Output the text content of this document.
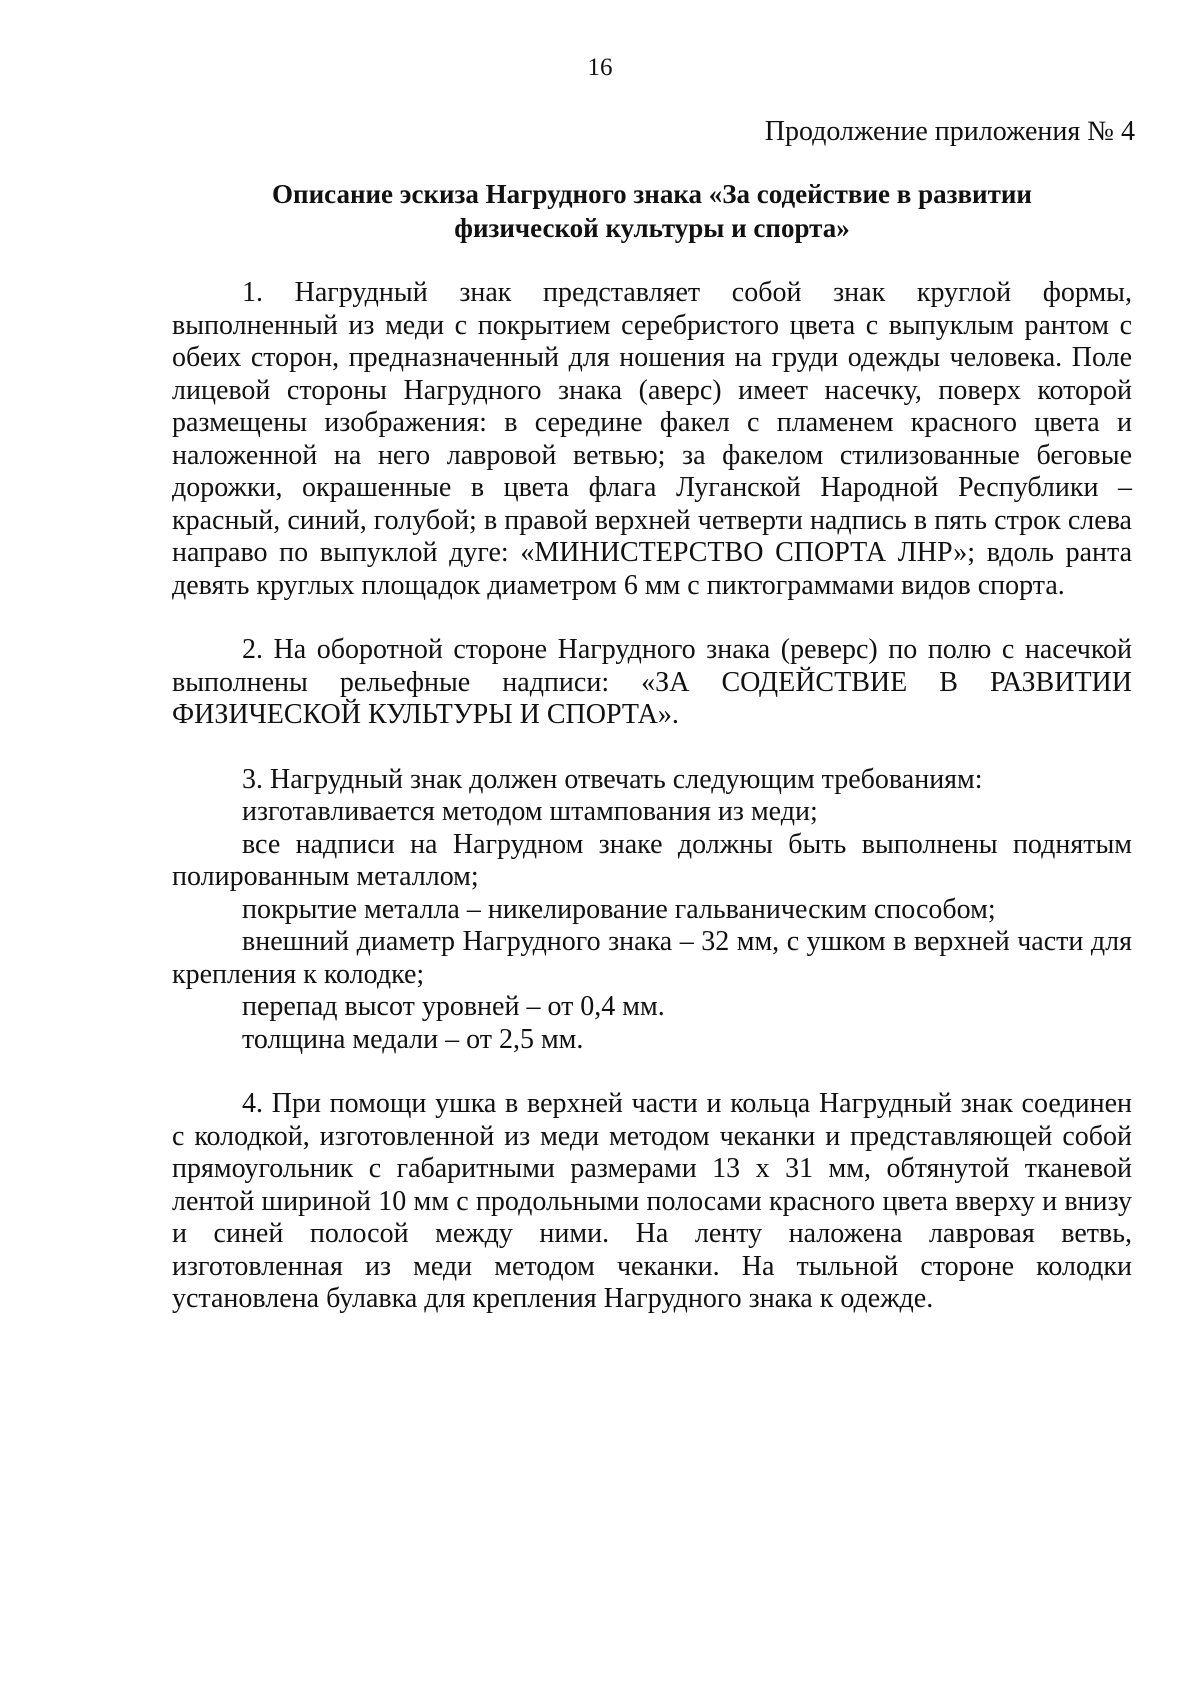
16
Продолжение приложения № 4
Описание эскиза Нагрудного знака «За содействие в развитии
физической культуры и спорта»

1. Нагрудный знак представляет собой знак круглой формы, выполненный из меди с покрытием серебристого цвета с выпуклым рантом с обеих сторон, предназначенный для ношения на груди одежды человека. Поле лицевой стороны Нагрудного знака (аверс) имеет насечку, поверх которой размещены изображения: в середине факел с пламенем красного цвета и наложенной на него лавровой ветвью; за факелом стилизованные беговые дорожки, окрашенные в цвета флага Луганской Народной Республики – красный, синий, голубой; в правой верхней четверти надпись в пять строк слева направо по выпуклой дуге: «МИНИСТЕРСТВО СПОРТА ЛНР»; вдоль ранта девять круглых площадок диаметром 6 мм с пиктограммами видов спорта.

2. На оборотной стороне Нагрудного знака (реверс) по полю с насечкой выполнены рельефные надписи: «ЗА СОДЕЙСТВИЕ В РАЗВИТИИ ФИЗИЧЕСКОЙ КУЛЬТУРЫ И СПОРТА».

3. Нагрудный знак должен отвечать следующим требованиям:

изготавливается методом штампования из меди;

все надписи на Нагрудном знаке должны быть выполнены поднятым полированным металлом;

покрытие металла – никелирование гальваническим способом;

внешний диаметр Нагрудного знака – 32 мм, с ушком в верхней части для крепления к колодке;

перепад высот уровней – от 0,4 мм.

толщина медали – от 2,5 мм.

4. При помощи ушка в верхней части и кольца Нагрудный знак соединен с колодкой, изготовленной из меди методом чеканки и представляющей собой прямоугольник с габаритными размерами 13 х 31 мм, обтянутой тканевой лентой шириной 10 мм с продольными полосами красного цвета вверху и внизу и синей полосой между ними. На ленту наложена лавровая ветвь, изготовленная из меди методом чеканки. На тыльной стороне колодки установлена булавка для крепления Нагрудного знака к одежде.
